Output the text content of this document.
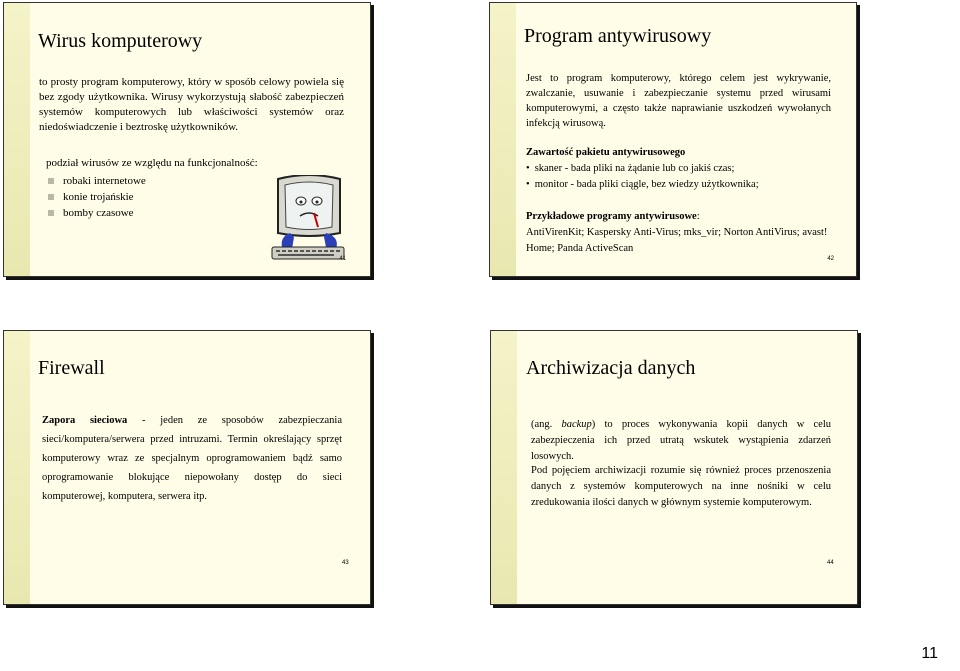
Wirus komputerowy
to prosty program komputerowy, który w sposób celowy powiela się bez zgody użytkownika. Wirusy wykorzystują słabość zabezpieczeń systemów komputerowych lub właściwości systemów oraz niedoświadczenie i beztroskę użytkowników.
podział wirusów ze względu na funkcjonalność:
robaki internetowe
konie trojańskie
bomby czasowe
41
Program antywirusowy
Jest to program komputerowy, którego celem jest wykrywanie, zwalczanie, usuwanie i zabezpieczanie systemu przed wirusami komputerowymi, a często także naprawianie uszkodzeń wywołanych infekcją wirusową.
Zawartość pakietu antywirusowego
• skaner - bada pliki na żądanie lub co jakiś czas;
• monitor - bada pliki ciągle, bez wiedzy użytkownika;
Przykładowe programy antywirusowe:
AntiVirenKit; Kaspersky Anti-Virus; mks_vir; Norton AntiVirus; avast! Home; Panda ActiveScan
42
Firewall
Zapora sieciowa - jeden ze sposobów zabezpieczania sieci/komputera/serwera przed intruzami. Termin określający sprzęt komputerowy wraz ze specjalnym oprogramowaniem bądź samo oprogramowanie blokujące niepowołany dostęp do sieci komputerowej, komputera, serwera itp.
43
Archiwizacja danych
(ang. backup) to proces wykonywania kopii danych w celu zabezpieczenia ich przed utratą wskutek wystąpienia zdarzeń losowych.
Pod pojęciem archiwizacji rozumie się również proces przenoszenia danych z systemów komputerowych na inne nośniki w celu zredukowania ilości danych w głównym systemie komputerowym.
44
11
